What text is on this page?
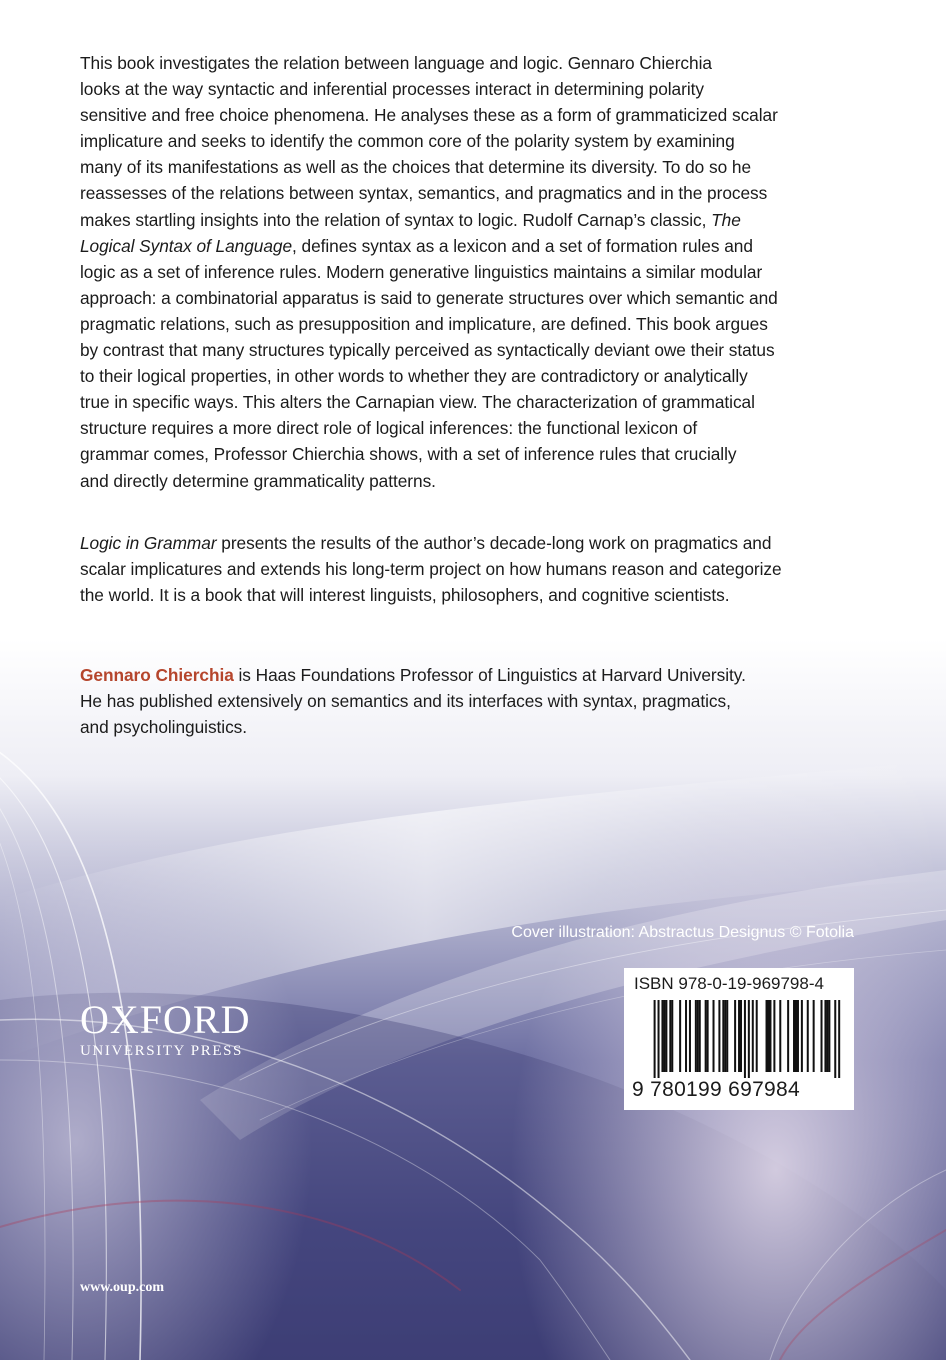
This book investigates the relation between language and logic. Gennaro Chierchia
looks at the way syntactic and inferential processes interact in determining polarity
sensitive and free choice phenomena. He analyses these as a form of grammaticized scalar
implicature and seeks to identify the common core of the polarity system by examining
many of its manifestations as well as the choices that determine its diversity. To do so he
reassesses of the relations between syntax, semantics, and pragmatics and in the process
makes startling insights into the relation of syntax to logic. Rudolf Carnap’s classic, The
Logical Syntax of Language, defines syntax as a lexicon and a set of formation rules and
logic as a set of inference rules. Modern generative linguistics maintains a similar modular
approach: a combinatorial apparatus is said to generate structures over which semantic and
pragmatic relations, such as presupposition and implicature, are defined. This book argues
by contrast that many structures typically perceived as syntactically deviant owe their status
to their logical properties, in other words to whether they are contradictory or analytically
true in specific ways. This alters the Carnapian view. The characterization of grammatical
structure requires a more direct role of logical inferences: the functional lexicon of
grammar comes, Professor Chierchia shows, with a set of inference rules that crucially
and directly determine grammaticality patterns.
Logic in Grammar presents the results of the author’s decade-long work on pragmatics and
scalar implicatures and extends his long-term project on how humans reason and categorize
the world. It is a book that will interest linguists, philosophers, and cognitive scientists.
Gennaro Chierchia is Haas Foundations Professor of Linguistics at Harvard University.
He has published extensively on semantics and its interfaces with syntax, pragmatics,
and psycholinguistics.
Cover illustration: Abstractus Designus © Fotolia
OXFORD
UNIVERSITY PRESS
www.oup.com
ISBN 978-0-19-969798-4
9 780199 697984
